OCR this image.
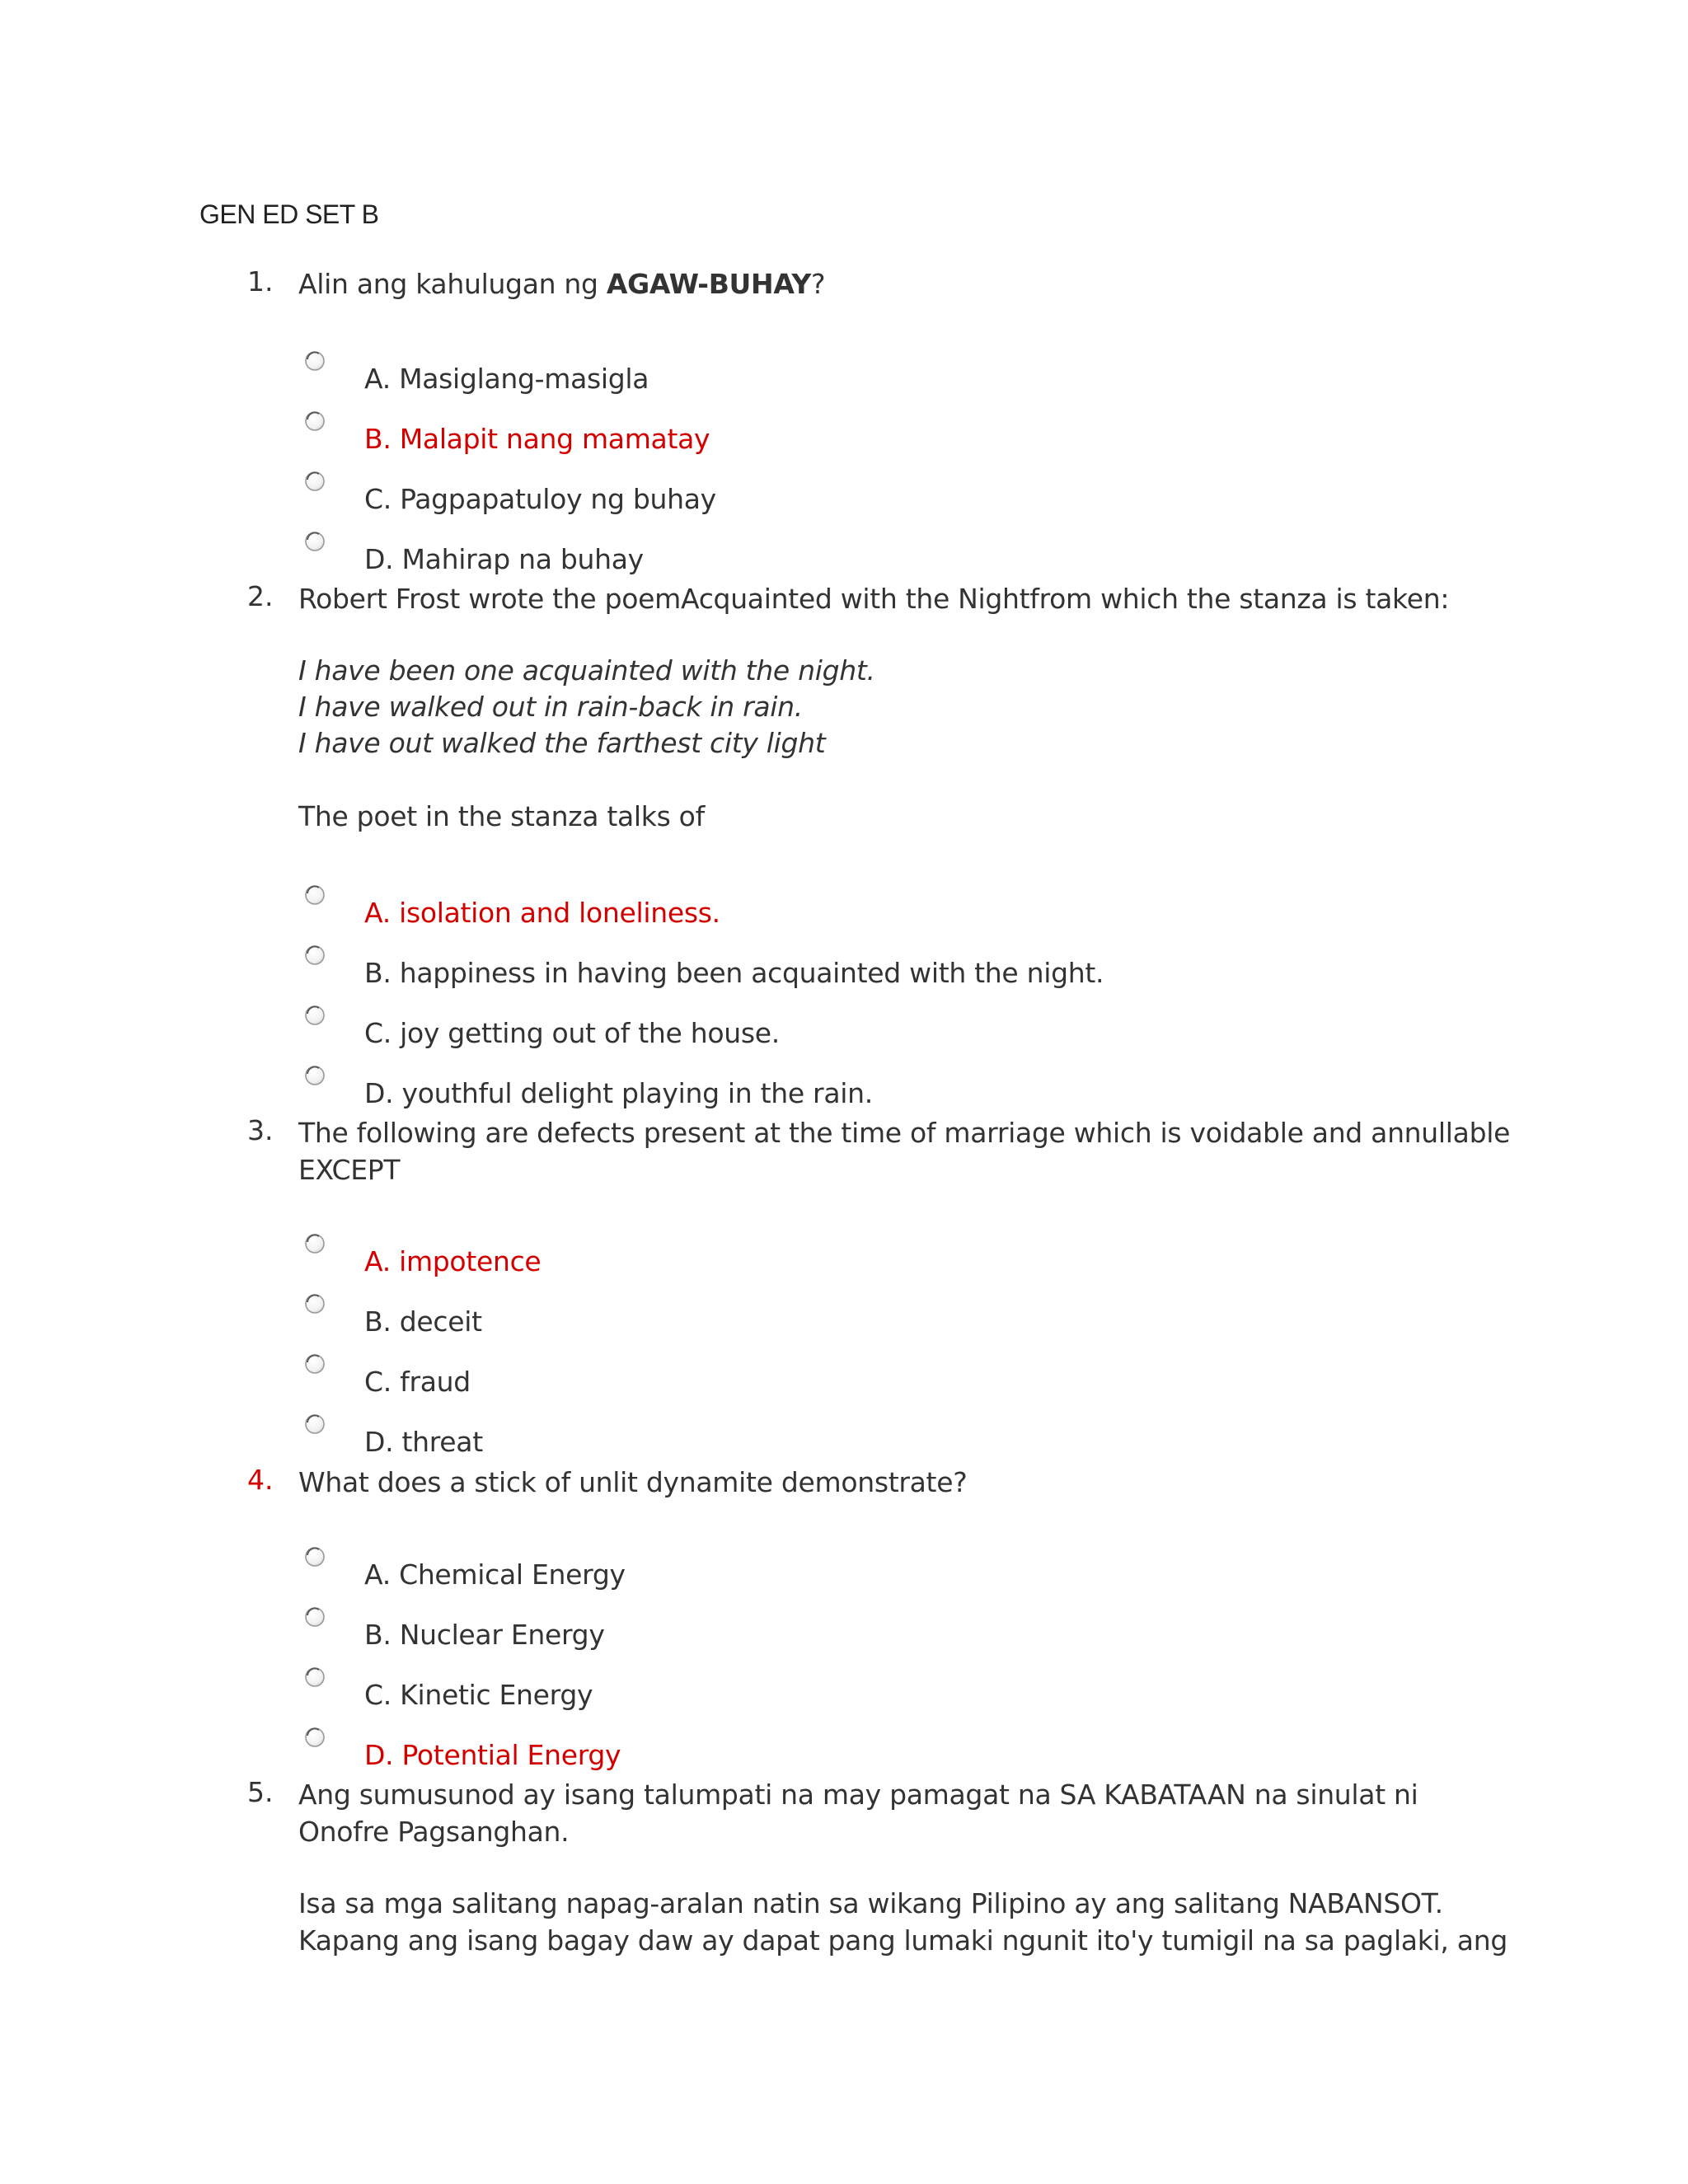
GEN ED SET B
1. Alin ang kahulugan ng AGAW-BUHAY?
A. Masiglang-masigla
B. Malapit nang mamatay
C. Pagpapatuloy ng buhay
D. Mahirap na buhay
2. Robert Frost wrote the poemAcquainted with the Nightfrom which the stanza is taken:
I have been one acquainted with the night.
I have walked out in rain-back in rain.
I have out walked the farthest city light
The poet in the stanza talks of
A. isolation and loneliness.
B. happiness in having been acquainted with the night.
C. joy getting out of the house.
D. youthful delight playing in the rain.
3. The following are defects present at the time of marriage which is voidable and annullable
EXCEPT
A. impotence
B. deceit
C. fraud
D. threat
4. What does a stick of unlit dynamite demonstrate?
A. Chemical Energy
B. Nuclear Energy
C. Kinetic Energy
D. Potential Energy
5. Ang sumusunod ay isang talumpati na may pamagat na SA KABATAAN na sinulat ni
Onofre Pagsanghan.
Isa sa mga salitang napag-aralan natin sa wikang Pilipino ay ang salitang NABANSOT.
Kapang ang isang bagay daw ay dapat pang lumaki ngunit ito'y tumigil na sa paglaki, ang
